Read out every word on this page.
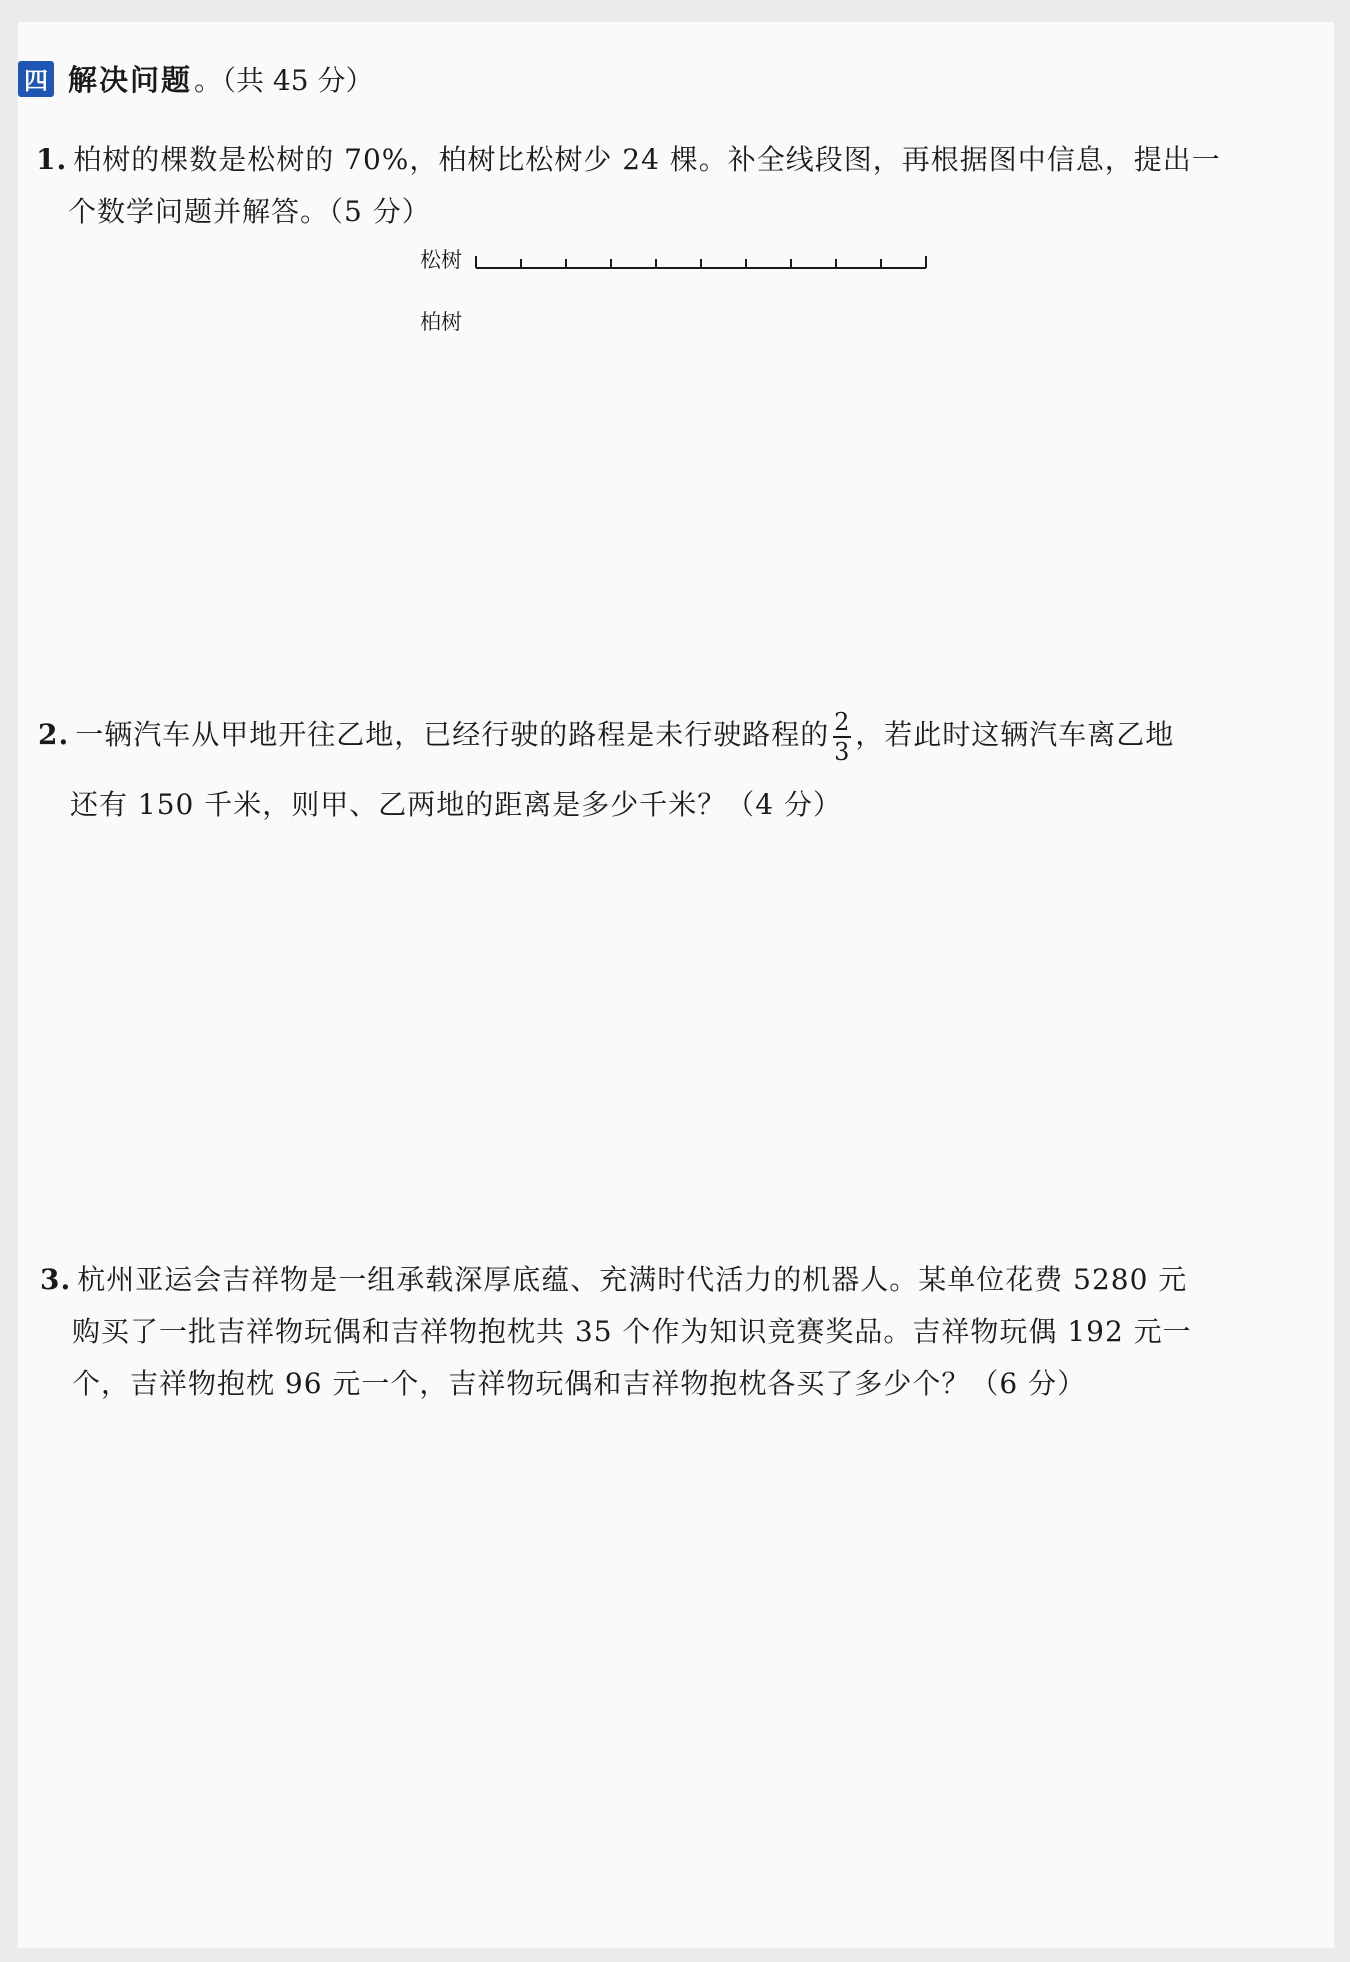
四 解决问题 。（共 45 分）
1. 柏树的棵数是松树的 70%，柏树比松树少 24 棵。补全线段图，再根据图中信息，提出一
个数学问题并解答。（5 分）
松树
柏树
2. 一辆汽车从甲地开往乙地，已经行驶的路程是未行驶路程的 $\frac{2}{3}$ ，若此时这辆汽车离乙地
还有 150 千米，则甲、乙两地的距离是多少千米？（4 分）
3. 杭州亚运会吉祥物是一组承载深厚底蕴、充满时代活力的机器人。某单位花费 5280 元
购买了一批吉祥物玩偶和吉祥物抱枕共 35 个作为知识竞赛奖品。吉祥物玩偶 192 元一
个，吉祥物抱枕 96 元一个，吉祥物玩偶和吉祥物抱枕各买了多少个？（6 分）
